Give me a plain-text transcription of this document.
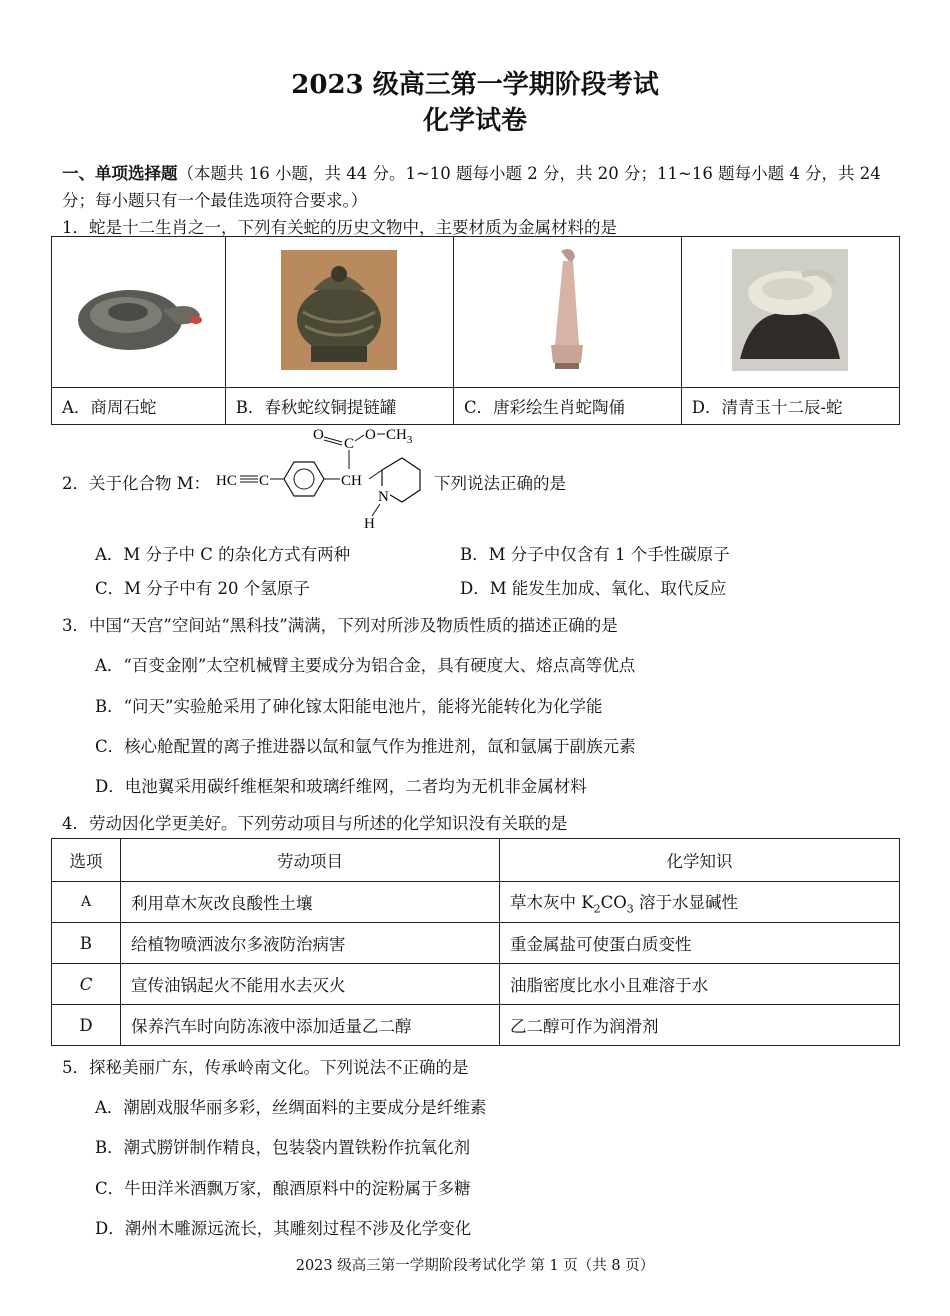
2023 级高三第一学期阶段考试
化学试卷
一、单项选择题（本题共 16 小题，共 44 分。1~10 题每小题 2 分，共 20 分；11~16 题每小题 4 分，共 24
分；每小题只有一个最佳选项符合要求。）
1．蛇是十二生肖之一，下列有关蛇的历史文物中，主要材质为金属材料的是

A．商周石蛇	B．春秋蛇纹铜提链罐	C．唐彩绘生肖蛇陶俑	D．清青玉十二辰-蛇
2．关于化合物 M： HC C	CH
C
O	O $CH_3$
N
H
下列说法正确的是
A．M 分子中 C 的杂化方式有两种	B．M 分子中仅含有 1 个手性碳原子
C．M 分子中有 20 个氢原子	D．M 能发生加成、氧化、取代反应
3．中国“天宫”空间站“黑科技”满满，下列对所涉及物质性质的描述正确的是
A．“百变金刚”太空机械臂主要成分为铝合金，具有硬度大、熔点高等优点
B．“问天”实验舱采用了砷化镓太阳能电池片，能将光能转化为化学能
C．核心舱配置的离子推进器以氙和氩气作为推进剂，氙和氩属于副族元素
D．电池翼采用碳纤维框架和玻璃纤维网，二者均为无机非金属材料
4．劳动因化学更美好。下列劳动项目与所述的化学知识没有关联的是
选项	劳动项目	化学知识
A	利用草木灰改良酸性土壤	草木灰中 $K_2CO_3$ 溶于水显碱性
B	给植物喷洒波尔多液防治病害	重金属盐可使蛋白质变性
C	宣传油锅起火不能用水去灭火	油脂密度比水小且难溶于水
D	保养汽车时向防冻液中添加适量乙二醇	乙二醇可作为润滑剂
5．探秘美丽广东，传承岭南文化。下列说法不正确的是
A．潮剧戏服华丽多彩，丝绸面料的主要成分是纤维素
B．潮式朥饼制作精良，包装袋内置铁粉作抗氧化剂
C．牛田洋米酒飘万家，酿酒原料中的淀粉属于多糖
D．潮州木雕源远流长，其雕刻过程不涉及化学变化
2023 级高三第一学期阶段考试化学 第 1 页（共 8 页）
